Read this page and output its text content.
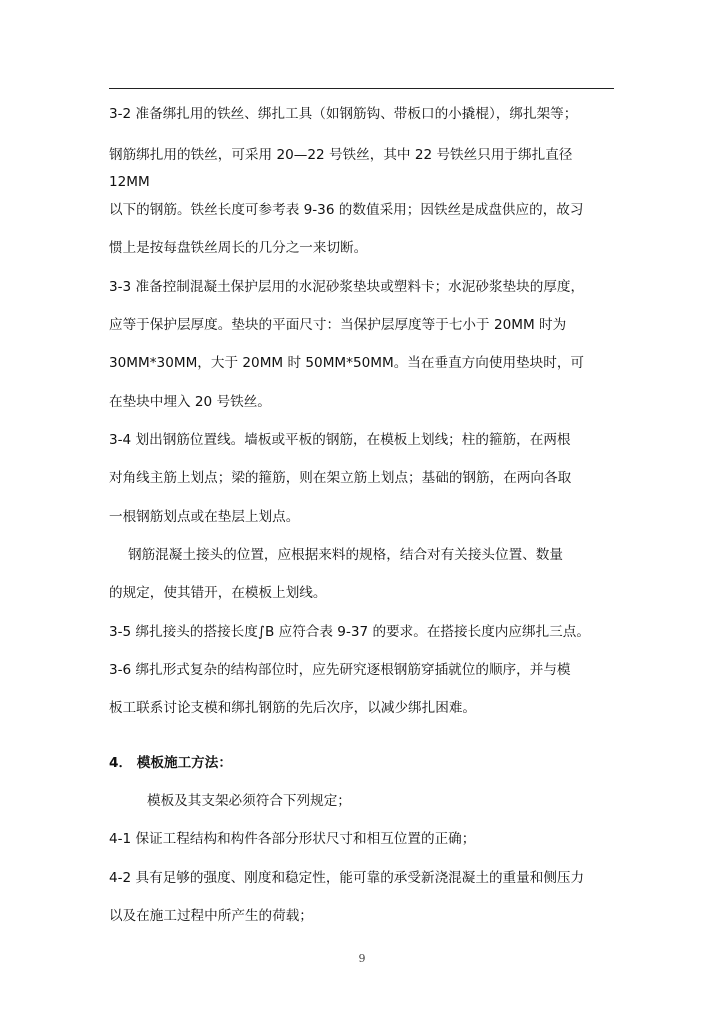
3-2 准备绑扎用的铁丝、绑扎工具（如钢筋钩、带板口的小撬棍），绑扎架等；
钢筋绑扎用的铁丝，可采用 20—22 号铁丝，其中 22 号铁丝只用于绑扎直径
12MM
以下的钢筋。铁丝长度可参考表 9-36 的数值采用；因铁丝是成盘供应的，故习
惯上是按每盘铁丝周长的几分之一来切断。
3-3 准备控制混凝土保护层用的水泥砂浆垫块或塑料卡；水泥砂浆垫块的厚度，
应等于保护层厚度。垫块的平面尺寸：当保护层厚度等于七小于 20MM 时为
30MM*30MM，大于 20MM 时 50MM*50MM。当在垂直方向使用垫块时，可
在垫块中埋入 20 号铁丝。
3-4 划出钢筋位置线。墙板或平板的钢筋，在模板上划线；柱的箍筋，在两根
对角线主筋上划点；梁的箍筋，则在架立筋上划点；基础的钢筋，在两向各取
一根钢筋划点或在垫层上划点。
钢筋混凝土接头的位置，应根据来料的规格，结合对有关接头位置、数量
的规定，使其错开，在模板上划线。
3-5 绑扎接头的搭接长度∫B 应符合表 9-37 的要求。在搭接长度内应绑扎三点。
3-6 绑扎形式复杂的结构部位时，应先研究逐根钢筋穿插就位的顺序，并与模
板工联系讨论支模和绑扎钢筋的先后次序，以减少绑扎困难。
4． 模板施工方法：
模板及其支架必须符合下列规定；
4-1 保证工程结构和构件各部分形状尺寸和相互位置的正确；
4-2 具有足够的强度、刚度和稳定性，能可靠的承受新浇混凝土的重量和侧压力
以及在施工过程中所产生的荷载；
9
